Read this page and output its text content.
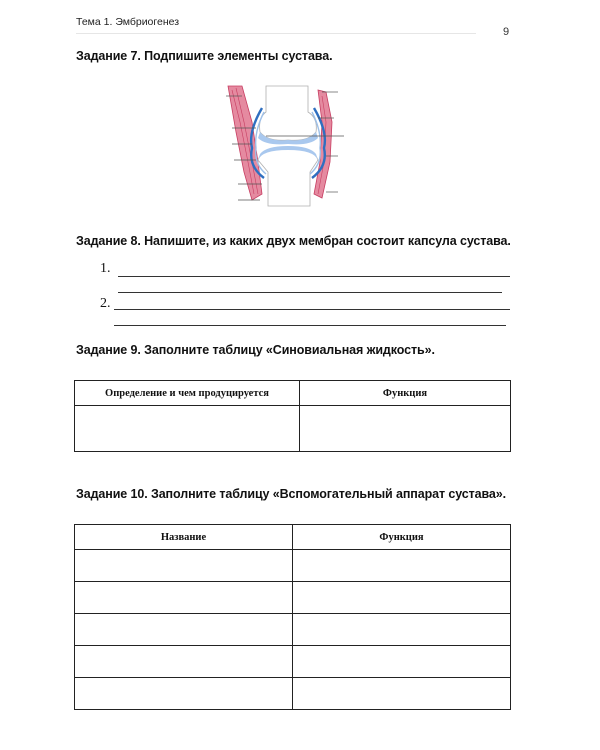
Тема 1. Эмбриогенез
9
Задание 7. Подпишите элементы сустава.
Задание 8. Напишите, из каких двух мембран состоит капсула сустава.
1.
2.
Задание 9. Заполните таблицу «Синовиальная жидкость».
Определение и чем продуцируется	Функция

Задание 10. Заполните таблицу «Вспомогательный аппарат сустава».
Название	Функция
